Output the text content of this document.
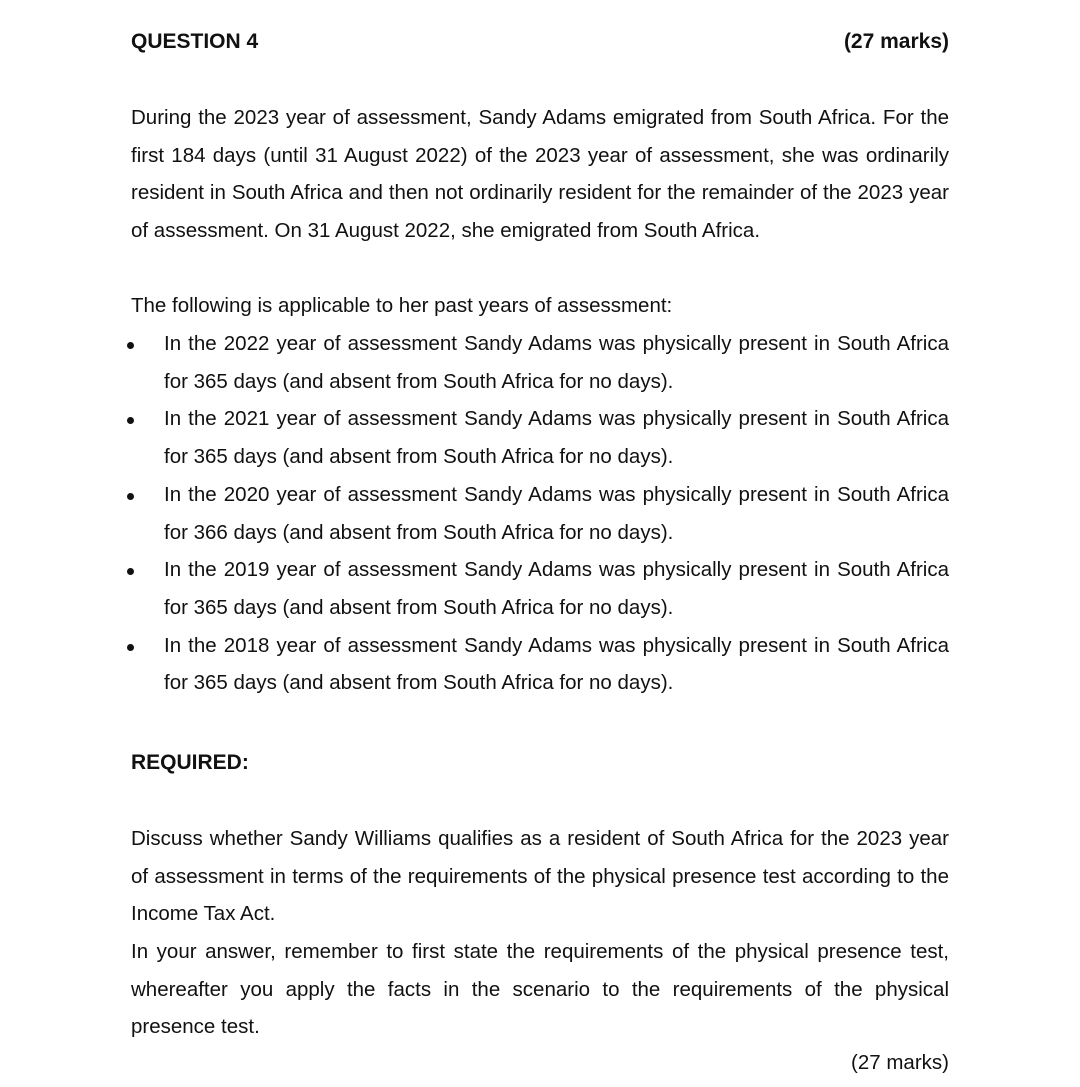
QUESTION 4	(27 marks)

During the 2023 year of assessment, Sandy Adams emigrated from South Africa. For the first 184 days (until 31 August 2022) of the 2023 year of assessment, she was ordinarily resident in South Africa and then not ordinarily resident for the remainder of the 2023 year of assessment. On 31 August 2022, she emigrated from South Africa.

The following is applicable to her past years of assessment:

In the 2022 year of assessment Sandy Adams was physically present in South Africa for 365 days (and absent from South Africa for no days).
In the 2021 year of assessment Sandy Adams was physically present in South Africa for 365 days (and absent from South Africa for no days).
In the 2020 year of assessment Sandy Adams was physically present in South Africa for 366 days (and absent from South Africa for no days).
In the 2019 year of assessment Sandy Adams was physically present in South Africa for 365 days (and absent from South Africa for no days).
In the 2018 year of assessment Sandy Adams was physically present in South Africa for 365 days (and absent from South Africa for no days).
REQUIRED:

Discuss whether Sandy Williams qualifies as a resident of South Africa for the 2023 year of assessment in terms of the requirements of the physical presence test according to the Income Tax Act.

In your answer, remember to first state the requirements of the physical presence test, whereafter you apply the facts in the scenario to the requirements of the physical presence test.

(27 marks)
